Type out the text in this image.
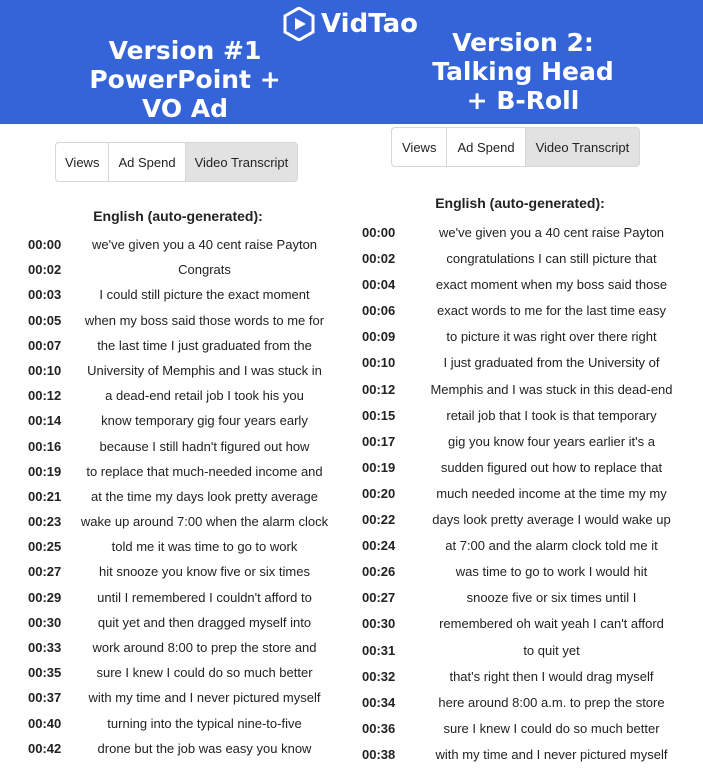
VidTao
Version #1
PowerPoint +
VO Ad
Version 2:
Talking Head
+ B-Roll
Views	Ad Spend	Video Transcript
Views	Ad Spend	Video Transcript
English (auto-generated):
English (auto-generated):
00:00	we've given you a 40 cent raise Payton
00:02	Congrats
00:03	I could still picture the exact moment
00:05	when my boss said those words to me for
00:07	the last time I just graduated from the
00:10	University of Memphis and I was stuck in
00:12	a dead-end retail job I took his you
00:14	know temporary gig four years early
00:16	because I still hadn't figured out how
00:19	to replace that much-needed income and
00:21	at the time my days look pretty average
00:23	wake up around 7:00 when the alarm clock
00:25	told me it was time to go to work
00:27	hit snooze you know five or six times
00:29	until I remembered I couldn't afford to
00:30	quit yet and then dragged myself into
00:33	work around 8:00 to prep the store and
00:35	sure I knew I could do so much better
00:37	with my time and I never pictured myself
00:40	turning into the typical nine-to-five
00:42	drone but the job was easy you know
00:00	we've given you a 40 cent raise Payton
00:02	congratulations I can still picture that
00:04	exact moment when my boss said those
00:06	exact words to me for the last time easy
00:09	to picture it was right over there right
00:10	I just graduated from the University of
00:12	Memphis and I was stuck in this dead-end
00:15	retail job that I took is that temporary
00:17	gig you know four years earlier it's a
00:19	sudden figured out how to replace that
00:20	much needed income at the time my my
00:22	days look pretty average I would wake up
00:24	at 7:00 and the alarm clock told me it
00:26	was time to go to work I would hit
00:27	snooze five or six times until I
00:30	remembered oh wait yeah I can't afford
00:31	to quit yet
00:32	that's right then I would drag myself
00:34	here around 8:00 a.m. to prep the store
00:36	sure I knew I could do so much better
00:38	with my time and I never pictured myself
